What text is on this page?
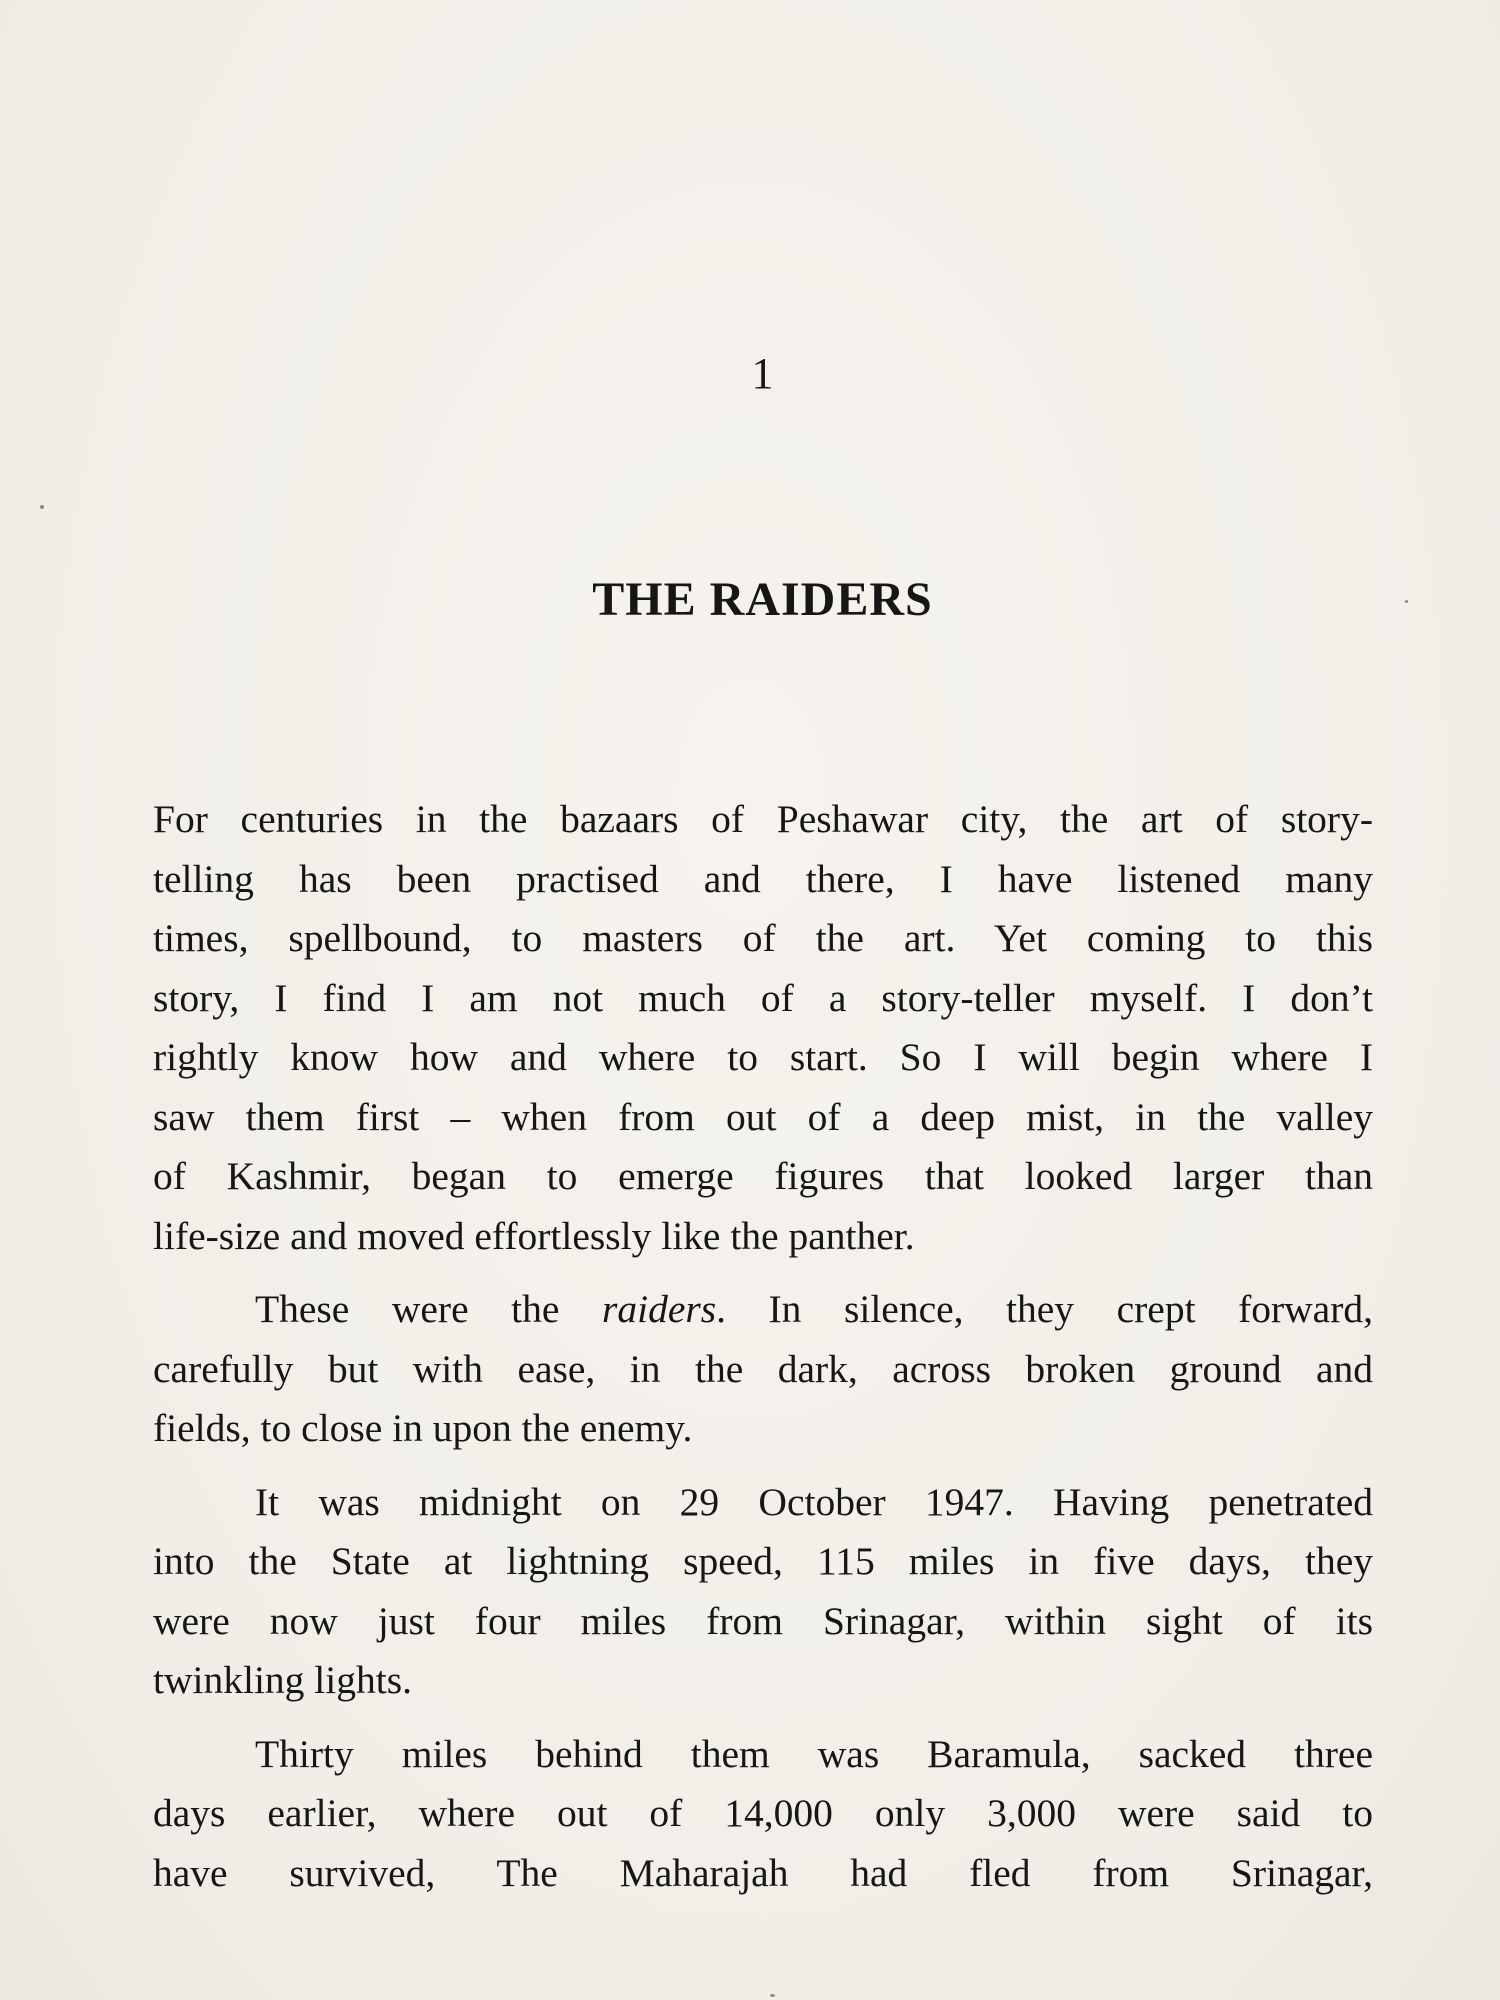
1
THE RAIDERS

For centuries in the bazaars of Peshawar city, the art of story-
telling has been practised and there, I have listened many
times, spellbound, to masters of the art. Yet coming to this
story, I find I am not much of a story-teller myself. I don’t
rightly know how and where to start. So I will begin where I
saw them first – when from out of a deep mist, in the valley
of Kashmir, began to emerge figures that looked larger than
life-size and moved effortlessly like the panther.

These were the raiders. In silence, they crept forward,
carefully but with ease, in the dark, across broken ground and
fields, to close in upon the enemy.

It was midnight on 29 October 1947. Having penetrated
into the State at lightning speed, 115 miles in five days, they
were now just four miles from Srinagar, within sight of its
twinkling lights.

Thirty miles behind them was Baramula, sacked three
days earlier, where out of 14,000 only 3,000 were said to
have survived, The Maharajah had fled from Srinagar,
